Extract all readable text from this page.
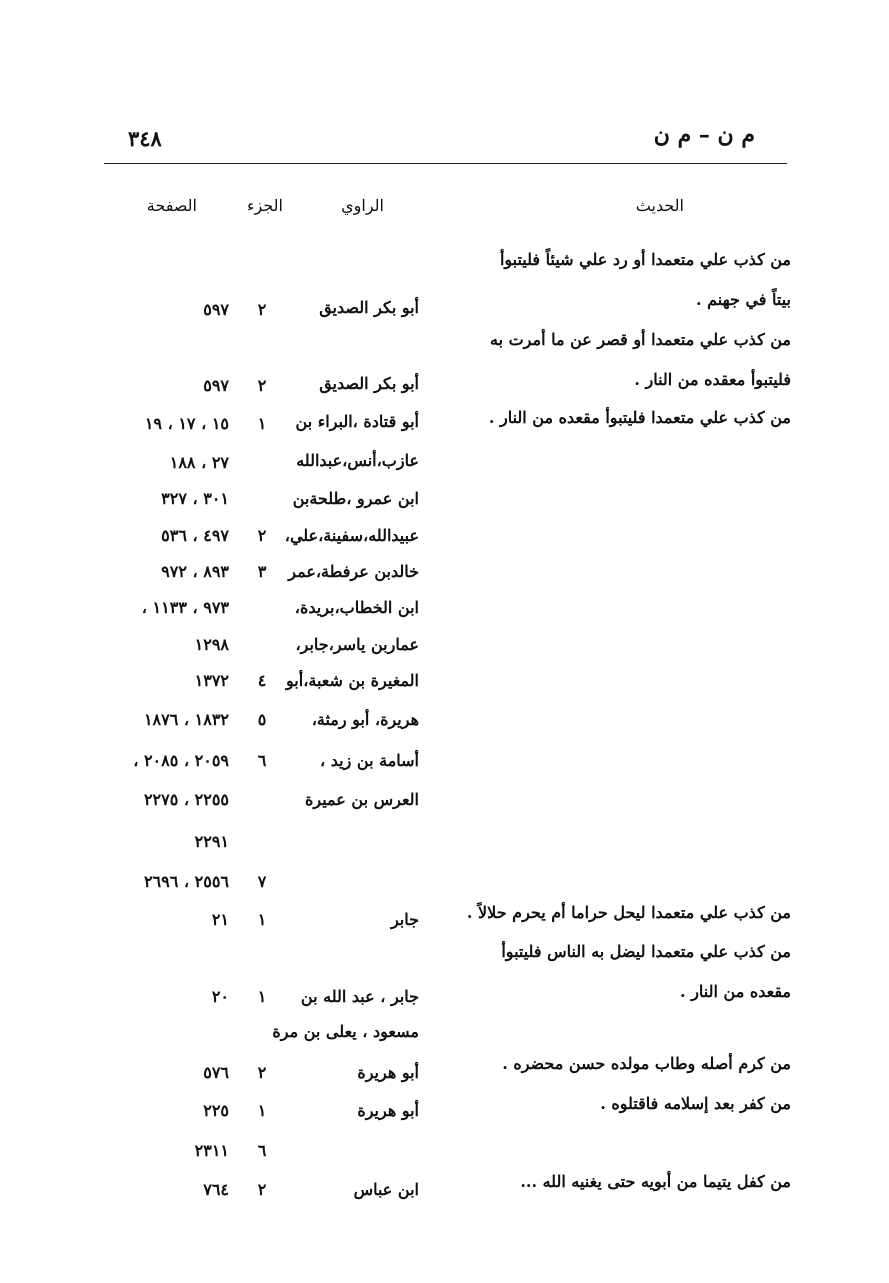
٣٤٨	م ن – م ن
الحديث
الراوي
الجزء
الصفحة
من كذب علي متعمدا أو رد علي شيئاً فليتبوأ
بيتاً في جهنم .
من كذب علي متعمدا أو قصر عن ما أمرت به
فليتبوأ معقده من النار .
من كذب علي متعمدا فليتبوأ مقعده من النار .
من كذب علي متعمدا ليحل حراما أم يحرم حلالاً .
من كذب علي متعمدا ليضل به الناس فليتبوأ
مقعده من النار .
من كرم أصله وطاب مولده حسن محضره .
من كفر بعد إسلامه فاقتلوه .
من كفل يتيما من أبويه حتى يغنيه الله ...
أبو بكر الصديق
أبو بكر الصديق
أبو قتادة ،البراء بن
عازب،أنس،عبدالله
ابن عمرو ،طلحةبن
عبيدالله،سفينة،علي،
خالدبن عرفطة،عمر
ابن الخطاب،بريدة،
عماربن ياسر،جابر،
المغيرة بن شعبة،أبو
هريرة، أبو رمثة،
أسامة بن زيد ،
العرس بن عميرة
جابر
جابر ، عبد الله بن
مسعود ، يعلى بن مرة
أبو هريرة
أبو هريرة
ابن عباس
٢
٢
١
٢
٣
٤
٥
٦
٧
١
١
٢
١
٦
٢
٥٩٧
٥٩٧
١٥ ، ١٧ ، ١٩
٢٧ ، ١٨٨
٣٠١ ، ٣٢٧
٤٩٧ ، ٥٣٦
٨٩٣ ، ٩٧٢
٩٧٣ ، ١١٣٣ ،
١٢٩٨
١٣٧٢
١٨٣٢ ، ١٨٧٦
٢٠٥٩ ، ٢٠٨٥ ،
٢٢٥٥ ، ٢٢٧٥
٢٢٩١
٢٥٥٦ ، ٢٦٩٦
٢١
٢٠
٥٧٦
٢٢٥
٢٣١١
٧٦٤
